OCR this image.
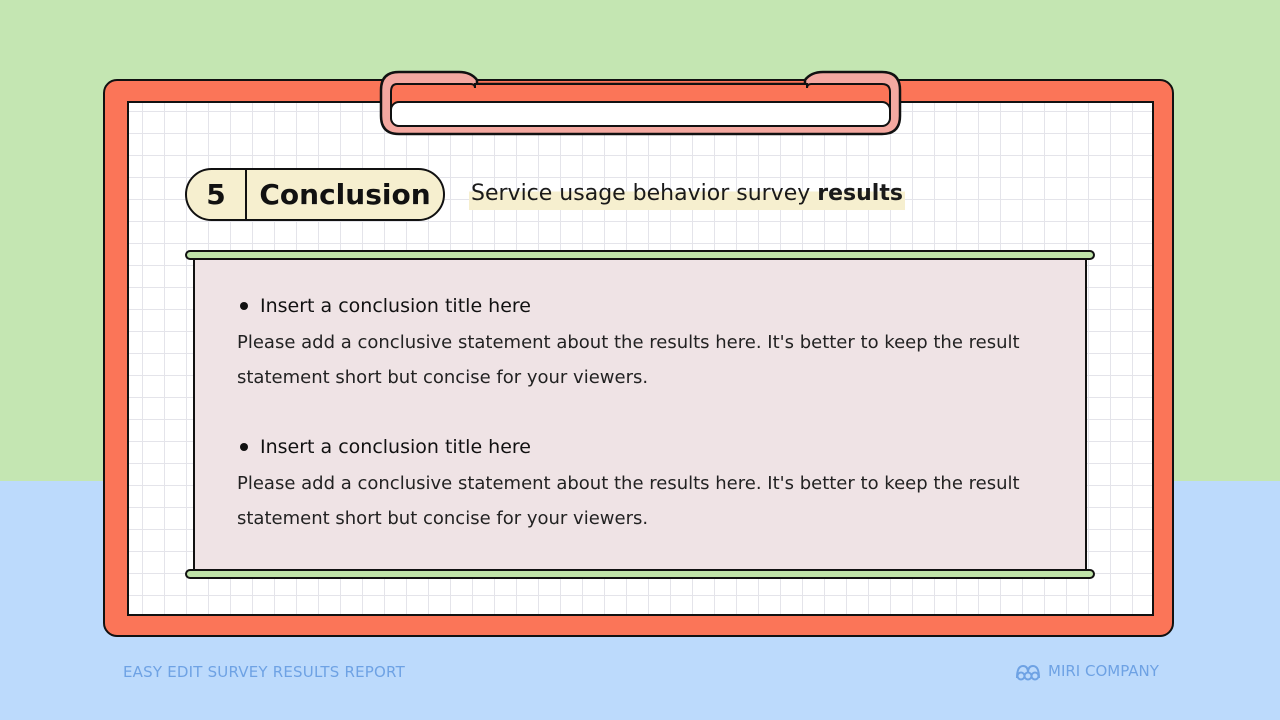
5	Conclusion	Service usage behavior survey results
Insert a conclusion title here
Please add a conclusive statement about the results here. It's better to keep the result statement short but concise for your viewers.
Insert a conclusion title here
Please add a conclusive statement about the results here. It's better to keep the result statement short but concise for your viewers.
EASY EDIT SURVEY RESULTS REPORT	MIRI COMPANY
